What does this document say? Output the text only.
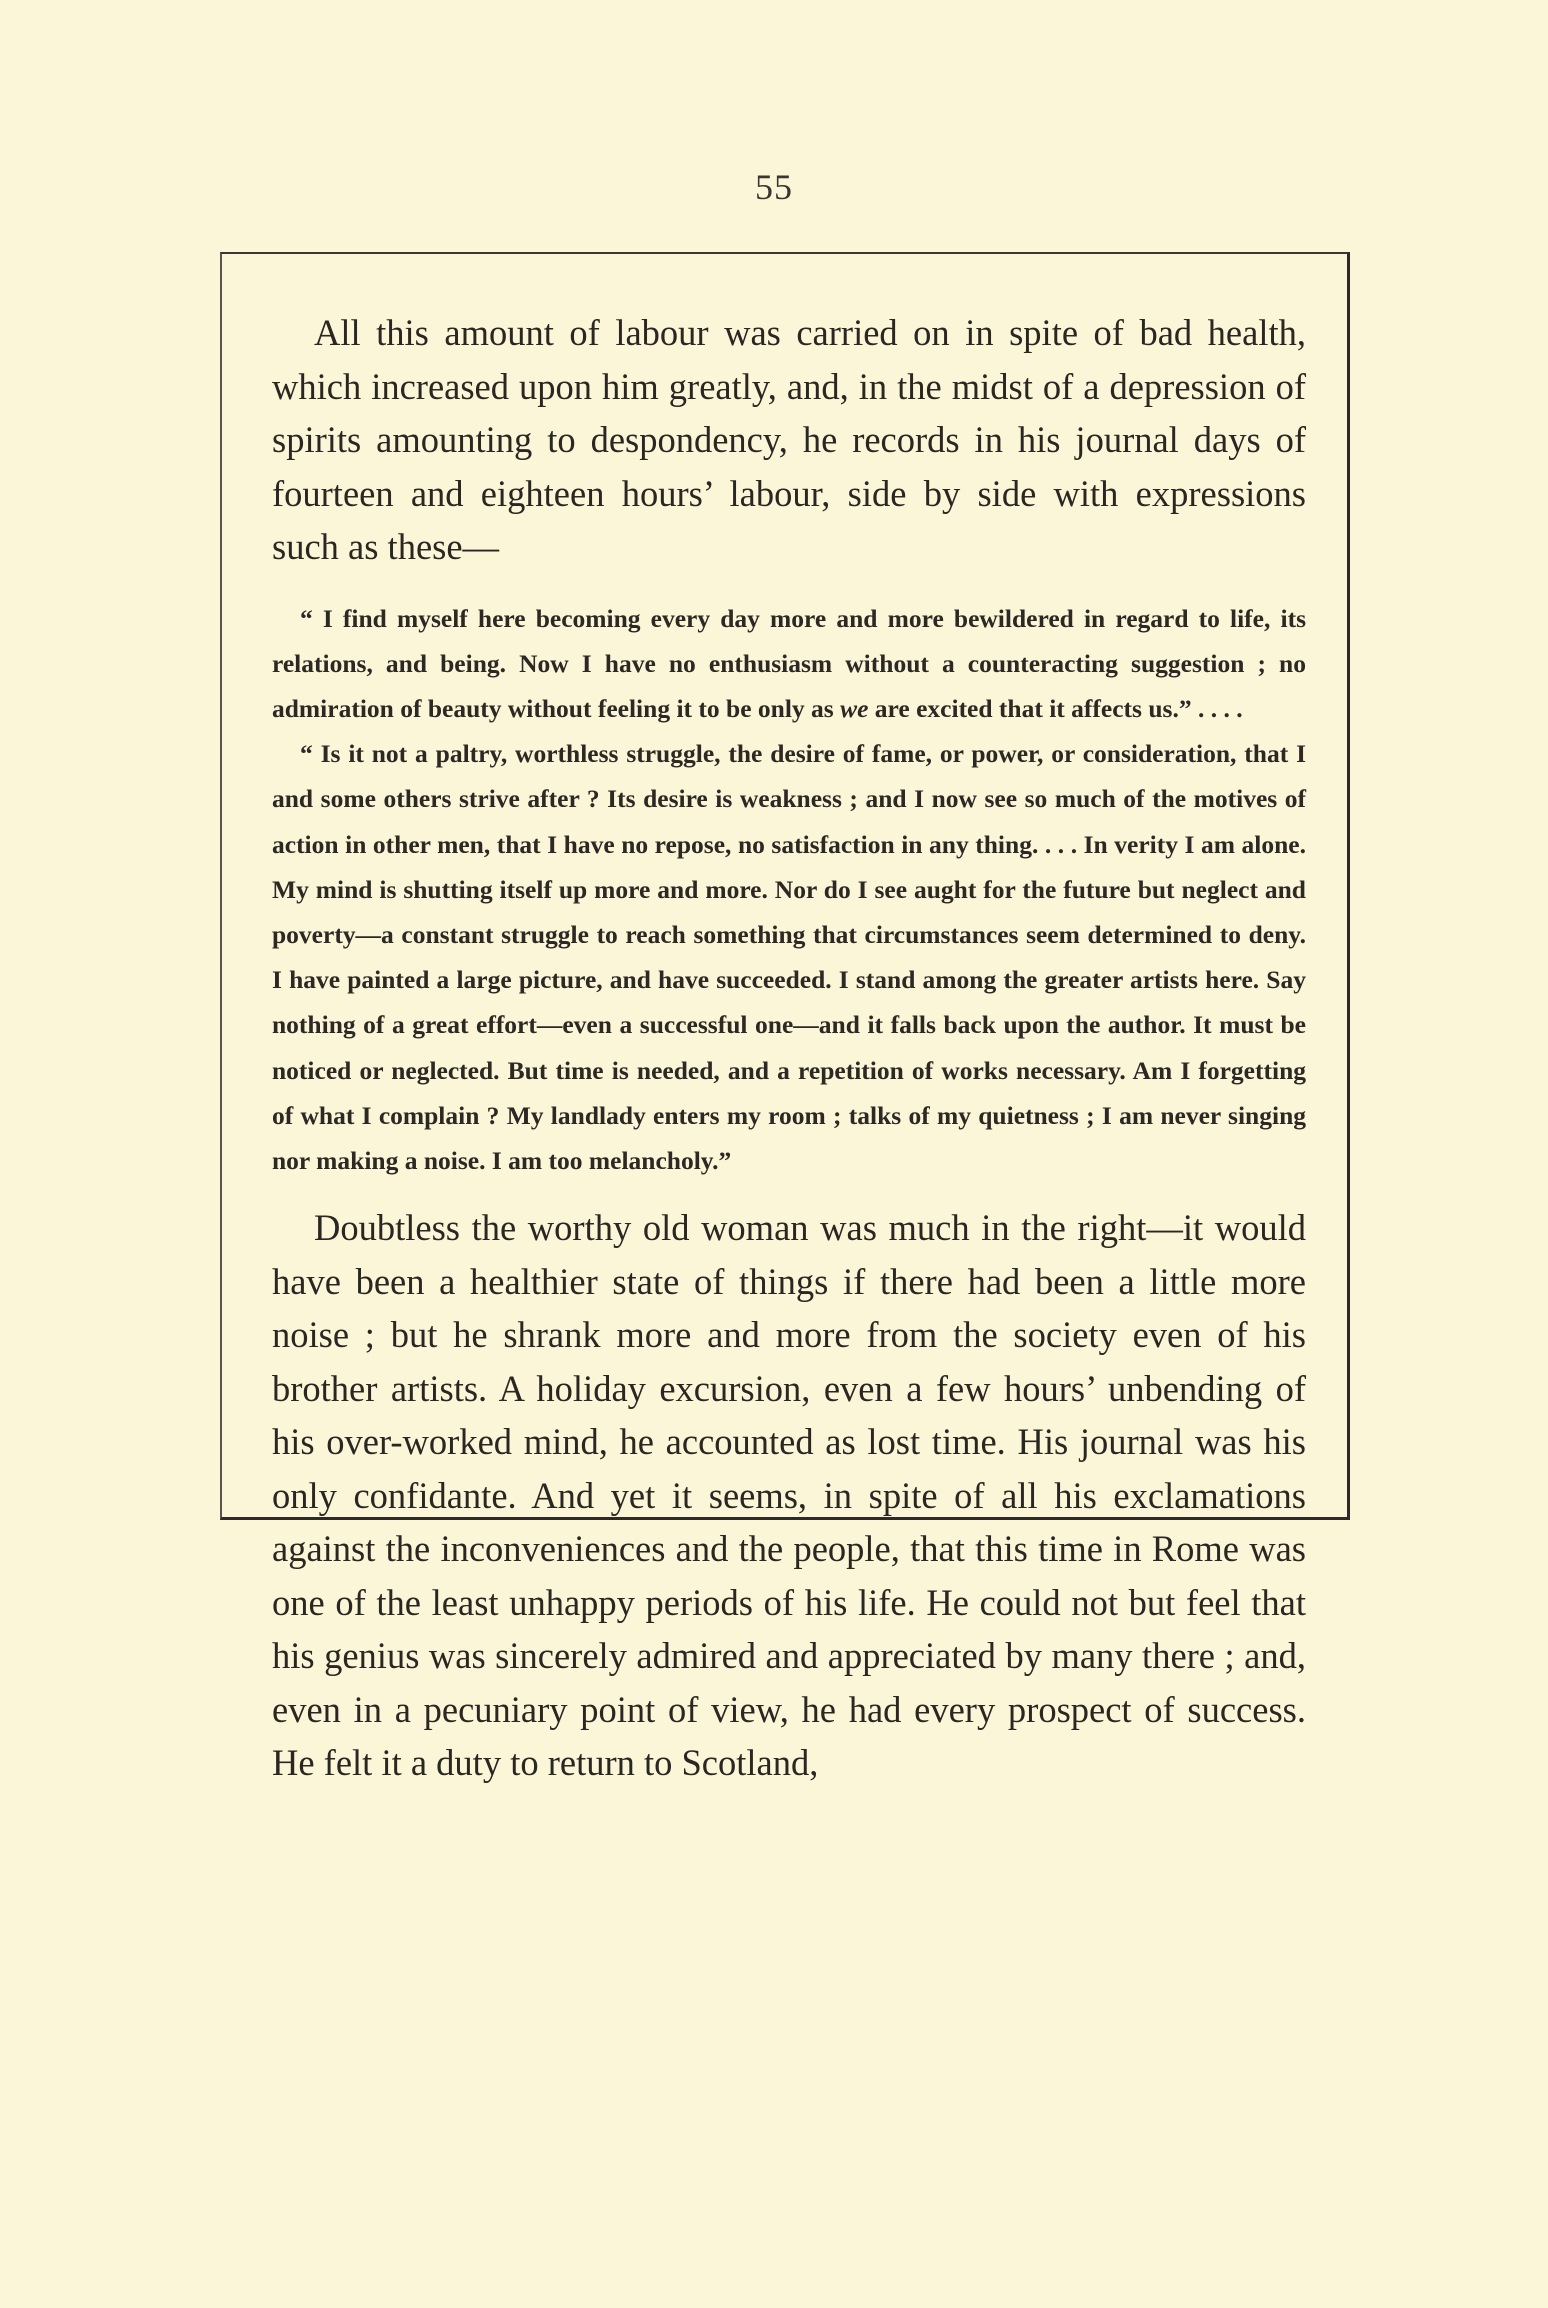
55

All this amount of labour was carried on in spite of bad health, which increased upon him greatly, and, in the midst of a depression of spirits amounting to despondency, he records in his journal days of fourteen and eighteen hours’ labour, side by side with expressions such as these—

“ I find myself here becoming every day more and more bewildered in regard to life, its relations, and being. Now I have no enthusiasm without a counteracting suggestion ; no admiration of beauty without feeling it to be only as we are excited that it affects us.” . . . .

“ Is it not a paltry, worthless struggle, the desire of fame, or power, or consideration, that I and some others strive after ? Its desire is weakness ; and I now see so much of the motives of action in other men, that I have no repose, no satisfaction in any thing. . . . In verity I am alone. My mind is shutting itself up more and more. Nor do I see aught for the future but neglect and poverty—a constant struggle to reach something that circumstances seem determined to deny. I have painted a large picture, and have succeeded. I stand among the greater artists here. Say nothing of a great effort—even a successful one—and it falls back upon the author. It must be noticed or neglected. But time is needed, and a repetition of works necessary. Am I forgetting of what I complain ? My landlady enters my room ; talks of my quietness ; I am never singing nor making a noise. I am too melancholy.”

Doubtless the worthy old woman was much in the right—it would have been a healthier state of things if there had been a little more noise ; but he shrank more and more from the society even of his brother artists. A holiday excursion, even a few hours’ unbending of his over-worked mind, he accounted as lost time. His journal was his only confidante. And yet it seems, in spite of all his exclamations against the inconveniences and the people, that this time in Rome was one of the least unhappy periods of his life. He could not but feel that his genius was sincerely admired and appreciated by many there ; and, even in a pecuniary point of view, he had every prospect of success. He felt it a duty to return to Scotland,
